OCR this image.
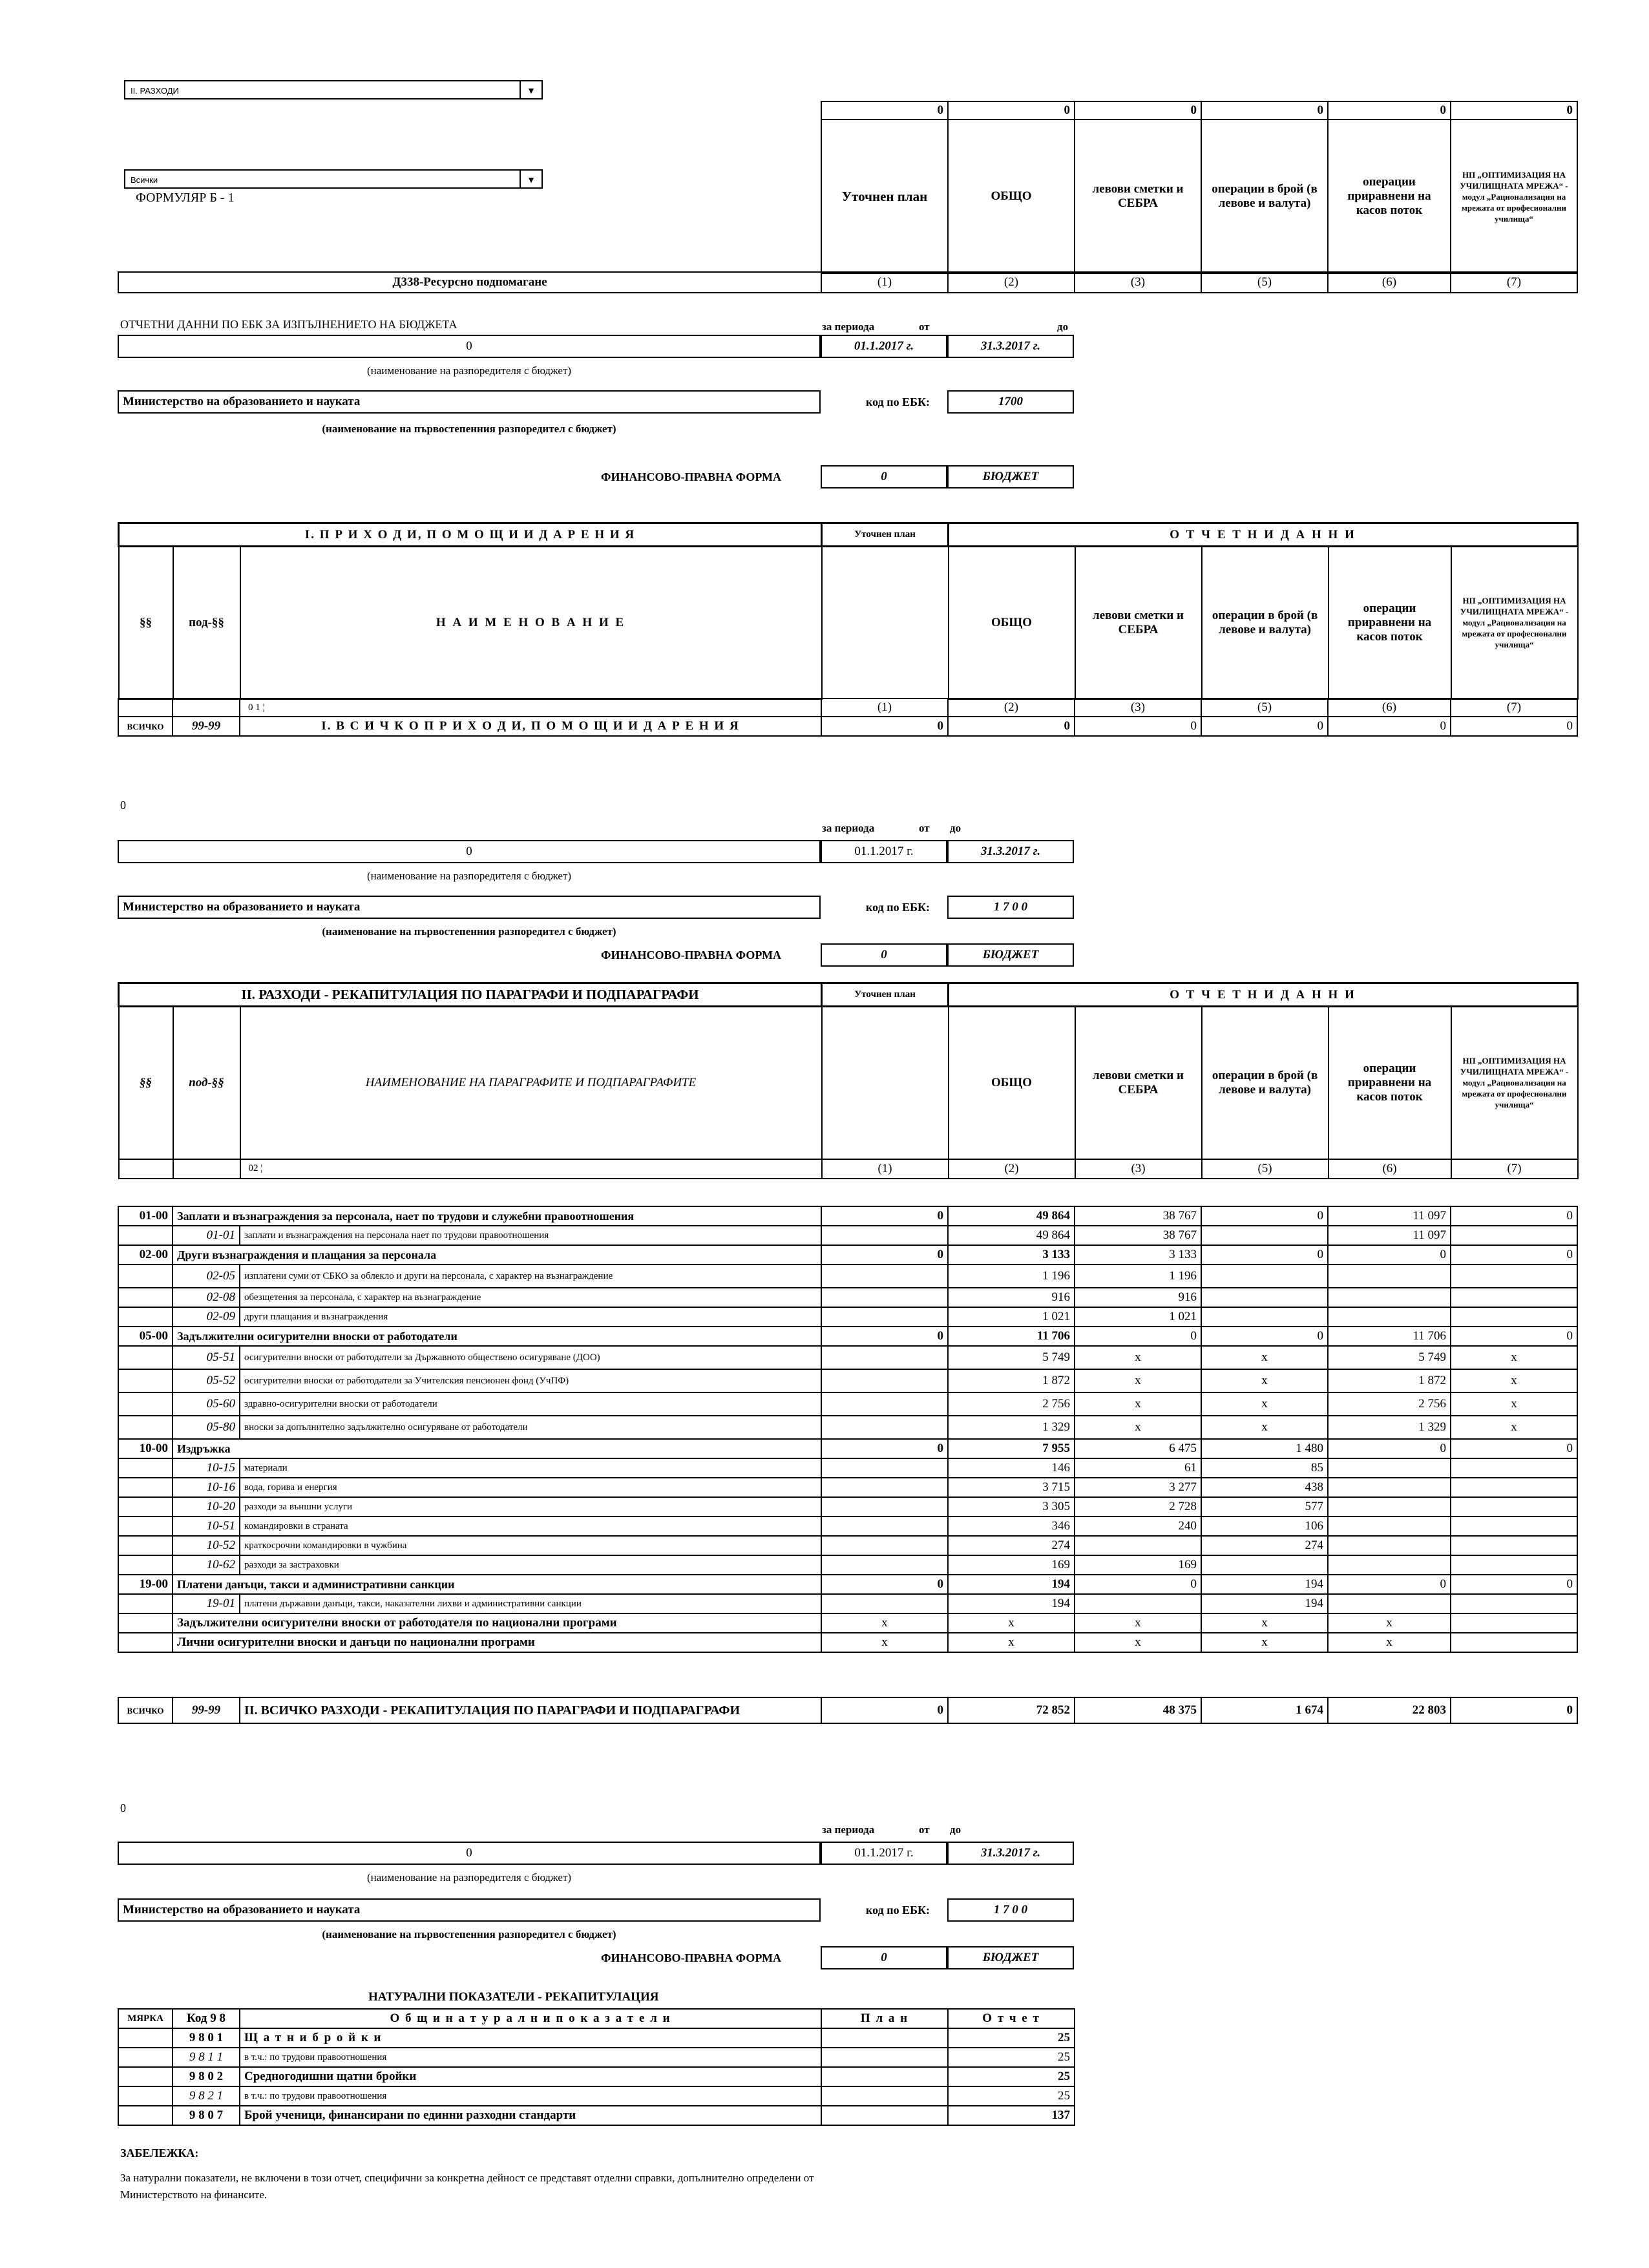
II. РАЗХОДИ	▼
Всички	▼
ФОРМУЛЯР Б - 1
0	0	0	0	0	0
Уточнен план	ОБЩО	левови сметки и СЕБРА	операции в брой (в левове и валута)	операции приравнени на касов поток	НП „ОПТИМИЗАЦИЯ НА УЧИЛИЩНАТА МРЕЖА“ - модул „Рационализация на мрежата от професионални училища“
Д338-Ресурсно подпомагане	(1)	(2)	(3)	(5)	(6)	(7)
ОТЧЕТНИ ДАННИ ПО ЕБК ЗА ИЗПЪЛНЕНИЕТО НА БЮДЖЕТА	за периода	от	до
0	01.1.2017 г.	31.3.2017 г.
(наименование на разпоредителя с бюджет)
Министерство на образованието и науката	код по ЕБК:	1700
(наименование на първостепенния разпоредител с бюджет)
ФИНАНСОВО-ПРАВНА ФОРМА	0	БЮДЖЕТ
І. П Р И Х О Д И, П О М О Щ И И Д А Р Е Н И Я			Уточнен план	О Т Ч Е Т Н И Д А Н Н И				
§§	под-§§	Н А И М Е Н О В А Н И Е		ОБЩО	левови сметки и СЕБРА	операции в брой (в левове и валута)	операции приравнени на касов поток	НП „ОПТИМИЗАЦИЯ НА УЧИЛИЩНАТА МРЕЖА“ - модул „Рационализация на мрежата от професионални училища“
		0 1 ¦	(1)	(2)	(3)	(5)	(6)	(7)
ВСИЧКО	99-99	І. В С И Ч К О П Р И Х О Д И, П О М О Щ И И Д А Р Е Н И Я	0	0	0	0	0	0
0
за периода	от до
0	01.1.2017 г.	31.3.2017 г.
(наименование на разпоредителя с бюджет)
Министерство на образованието и науката	код по ЕБК:	1 7 0 0
(наименование на първостепенния разпоредител с бюджет)
ФИНАНСОВО-ПРАВНА ФОРМА	0	БЮДЖЕТ
ІІ. РАЗХОДИ - РЕКАПИТУЛАЦИЯ ПО ПАРАГРАФИ И ПОДПАРАГРАФИ			Уточнен план	О Т Ч Е Т Н И Д А Н Н И				
§§	под-§§	НАИМЕНОВАНИЕ НА ПАРАГРАФИТЕ И ПОДПАРАГРАФИТЕ		ОБЩО	левови сметки и СЕБРА	операции в брой (в левове и валута)	операции приравнени на касов поток	НП „ОПТИМИЗАЦИЯ НА УЧИЛИЩНАТА МРЕЖА“ - модул „Рационализация на мрежата от професионални училища“
		02 ¦	(1)	(2)	(3)	(5)	(6)	(7)
01-00	Заплати и възнаграждения за персонала, нает по трудови и служебни правоотношения		0	49 864	38 767	0	11 097	0
	01-01	заплати и възнаграждения на персонала нает по трудови правоотношения		49 864	38 767		11 097	
02-00	Други възнаграждения и плащания за персонала		0	3 133	3 133	0	0	0
	02-05	изплатени суми от СБКО за облекло и други на персонала, с характер на възнаграждение		1 196	1 196			
	02-08	обезщетения за персонала, с характер на възнаграждение		916	916			
	02-09	други плащания и възнаграждения		1 021	1 021			
05-00	Задължителни осигурителни вноски от работодатели		0	11 706	0	0	11 706	0
	05-51	осигурителни вноски от работодатели за Държавното обществено осигуряване (ДОО)		5 749	x	x	5 749	x
	05-52	осигурителни вноски от работодатели за Учителския пенсионен фонд (УчПФ)		1 872	x	x	1 872	x
	05-60	здравно-осигурителни вноски от работодатели		2 756	x	x	2 756	x
	05-80	вноски за допълнително задължително осигуряване от работодатели		1 329	x	x	1 329	x
10-00	Издръжка		0	7 955	6 475	1 480	0	0
	10-15	материали		146	61	85		
	10-16	вода, горива и енергия		3 715	3 277	438		
	10-20	разходи за външни услуги		3 305	2 728	577		
	10-51	командировки в страната		346	240	106		
	10-52	краткосрочни командировки в чужбина		274		274		
	10-62	разходи за застраховки		169	169			
19-00	Платени данъци, такси и административни санкции		0	194	0	194	0	0
	19-01	платени държавни данъци, такси, наказателни лихви и административни санкции		194		194		
	Задължителни осигурителни вноски от работодателя по национални програми		x	x	x	x	x	
	Лични осигурителни вноски и данъци по национални програми		x	x	x	x	x	
ВСИЧКО	99-99	ІІ. ВСИЧКО РАЗХОДИ - РЕКАПИТУЛАЦИЯ ПО ПАРАГРАФИ И ПОДПАРАГРАФИ	0	72 852	48 375	1 674	22 803	0
0
за периода	от до
0	01.1.2017 г.	31.3.2017 г.
(наименование на разпоредителя с бюджет)
Министерство на образованието и науката	код по ЕБК:	1 7 0 0
(наименование на първостепенния разпоредител с бюджет)
ФИНАНСОВО-ПРАВНА ФОРМА	0	БЮДЖЕТ
НАТУРАЛНИ ПОКАЗАТЕЛИ - РЕКАПИТУЛАЦИЯ
МЯРКА	Код 9 8	О б щ и н а т у р а л н и п о к а з а т е л и	П л а н	О т ч е т
	9 8 0 1	Щ а т н и б р о й к и		25
	9 8 1 1	в т.ч.: по трудови правоотношения		25
	9 8 0 2	Средногодишни щатни бройки		25
	9 8 2 1	в т.ч.: по трудови правоотношения		25
	9 8 0 7	Брой ученици, финансирани по единни разходни стандарти		137
ЗАБЕЛЕЖКА:
За натурални показатели, не включени в този отчет, специфични за конкретна дейност се представят отделни справки, допълнително определени от Министерството на финансите.
